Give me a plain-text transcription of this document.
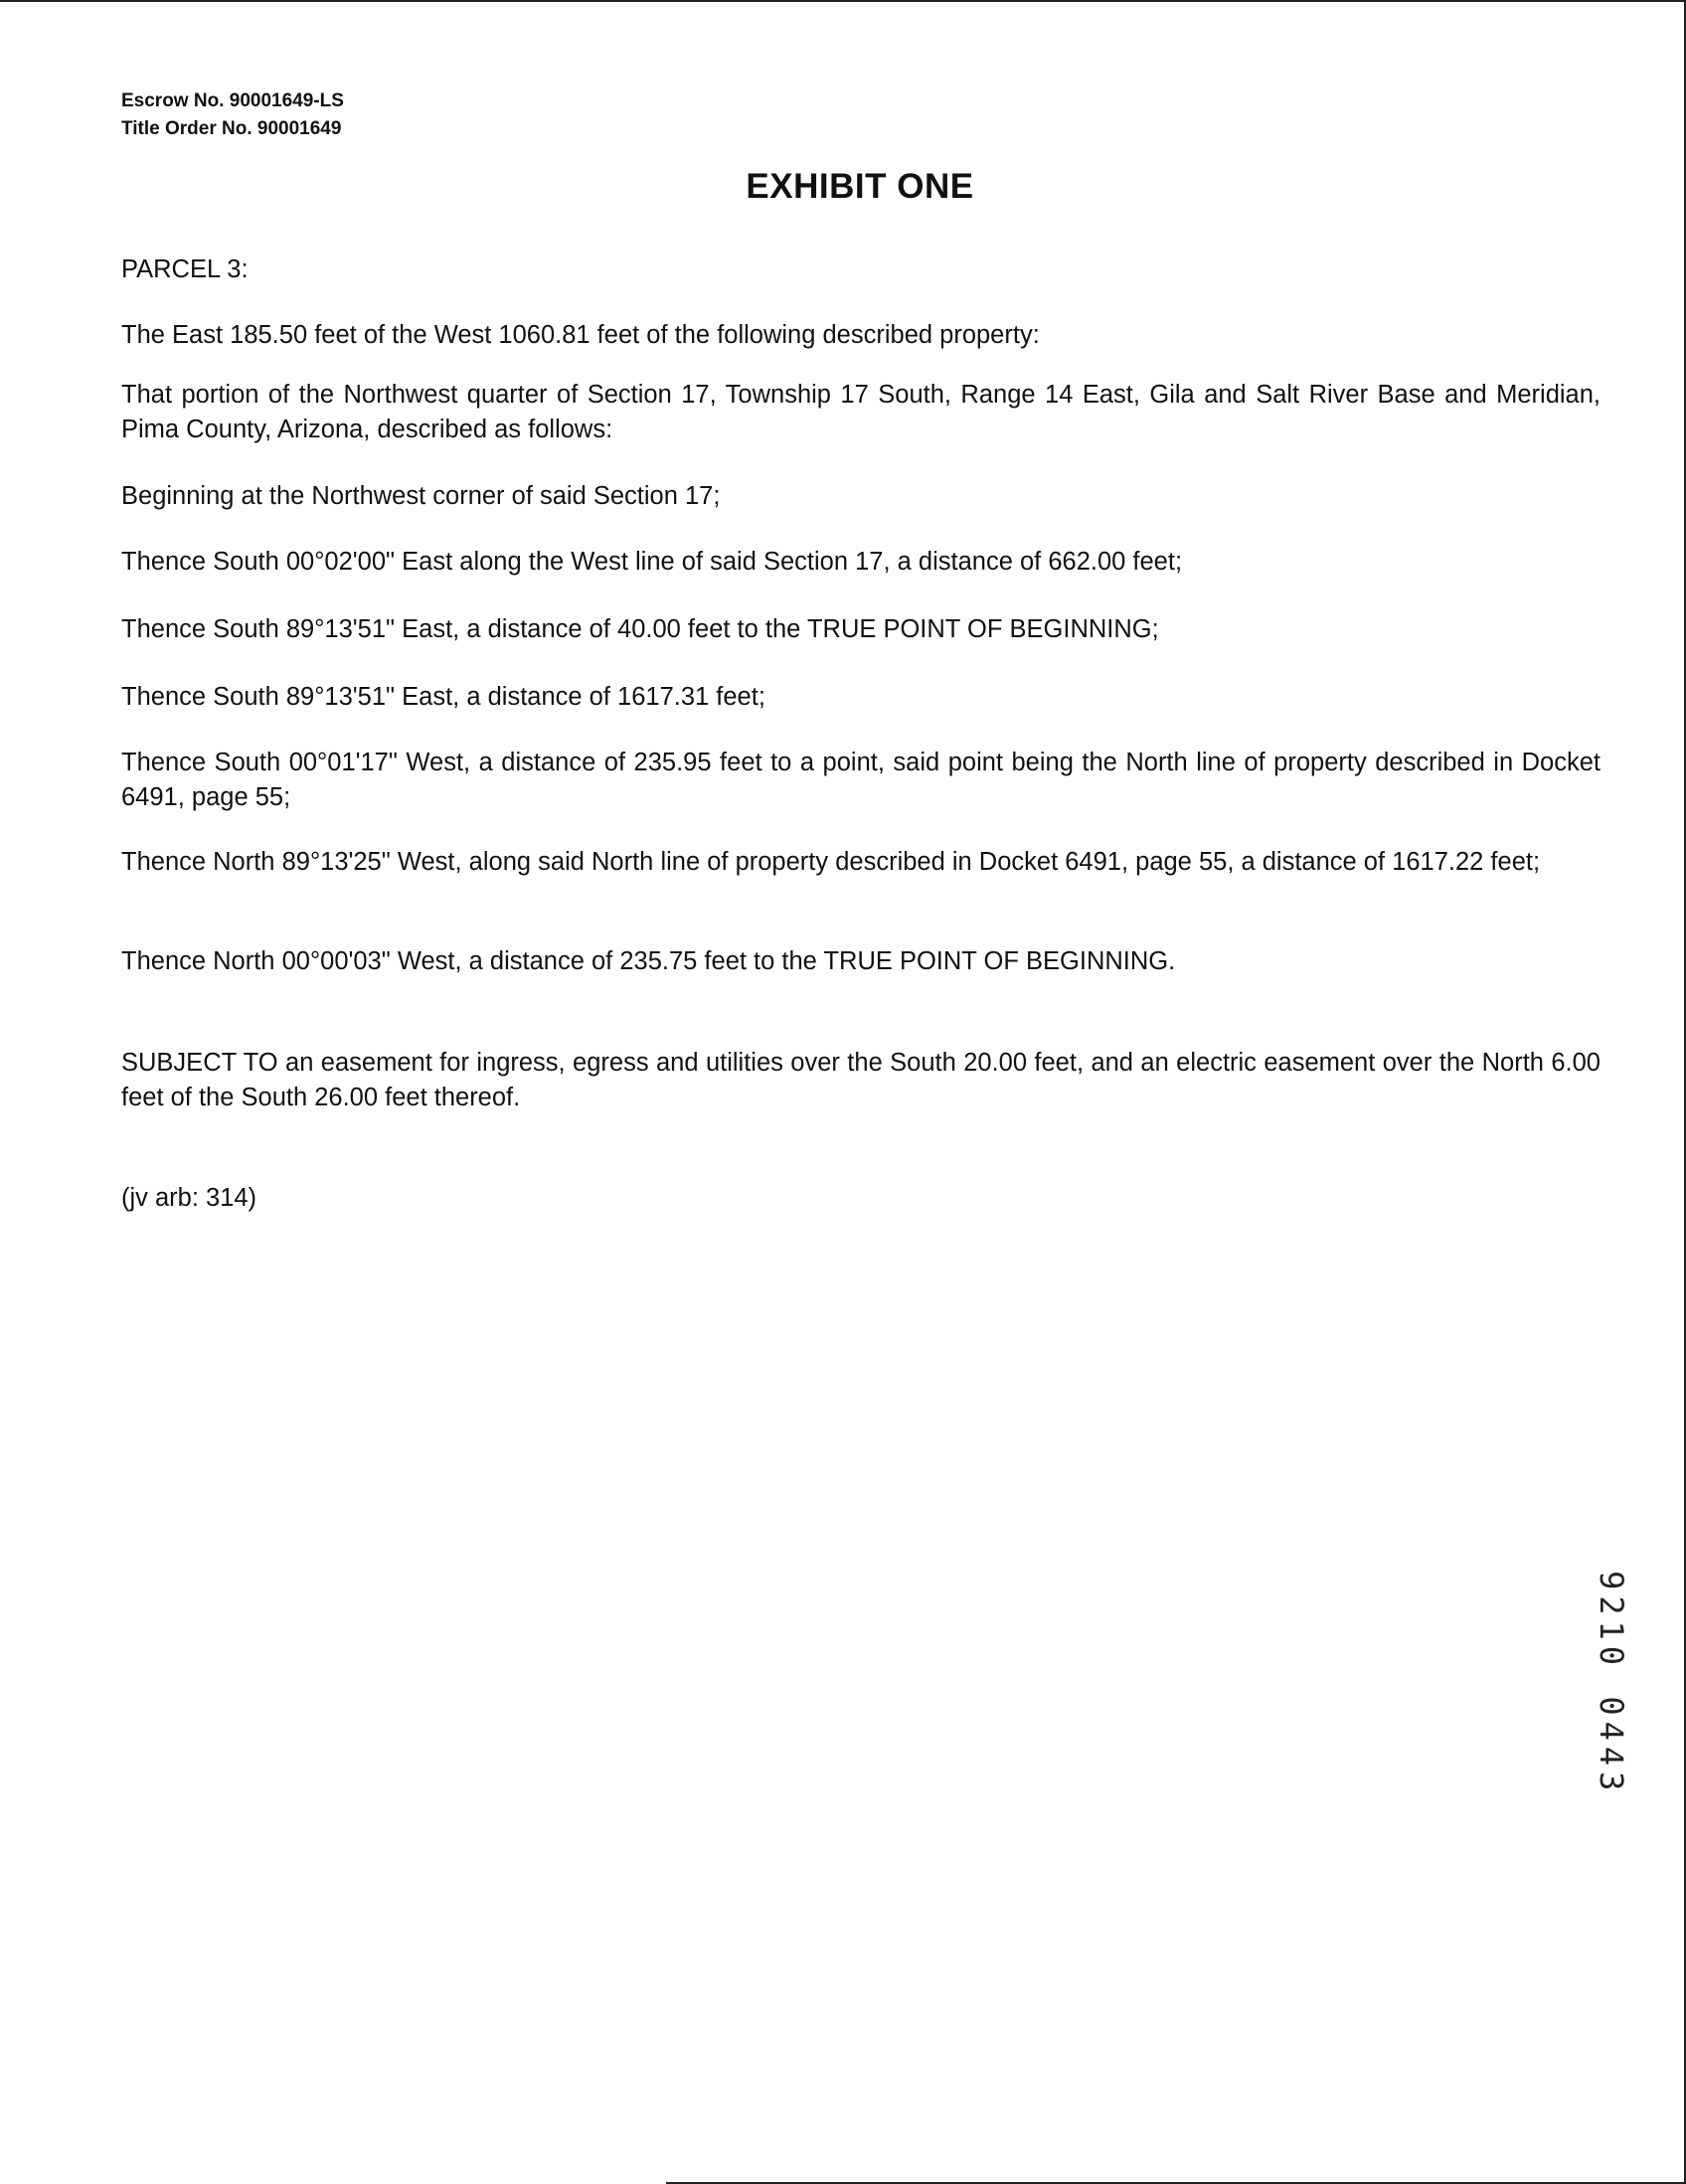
Escrow No. 90001649-LS
Title Order No. 90001649
EXHIBIT ONE

PARCEL 3:

The East 185.50 feet of the West 1060.81 feet of the following described property:

That portion of the Northwest quarter of Section 17, Township 17 South, Range 14 East, Gila and Salt River Base and Meridian, Pima County, Arizona, described as follows:

Beginning at the Northwest corner of said Section 17;

Thence South 00°02'00" East along the West line of said Section 17, a distance of 662.00 feet;

Thence South 89°13'51" East, a distance of 40.00 feet to the TRUE POINT OF BEGINNING;

Thence South 89°13'51" East, a distance of 1617.31 feet;

Thence South 00°01'17" West, a distance of 235.95 feet to a point, said point being the North line of property described in Docket 6491, page 55;

Thence North 89°13'25" West, along said North line of property described in Docket 6491, page 55, a distance of 1617.22 feet;

Thence North 00°00'03" West, a distance of 235.75 feet to the TRUE POINT OF BEGINNING.

SUBJECT TO an easement for ingress, egress and utilities over the South 20.00 feet, and an electric easement over the North 6.00 feet of the South 26.00 feet thereof.

(jv arb: 314)

9210 0443
